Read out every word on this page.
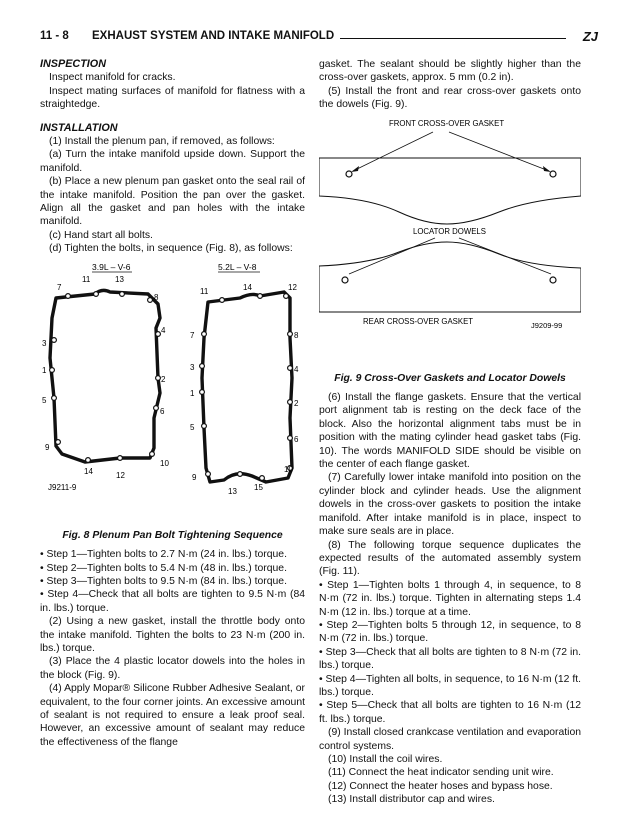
11 - 8 EXHAUST SYSTEM AND INTAKE MANIFOLD	ZJ

INSPECTION

Inspect manifold for cracks.

Inspect mating surfaces of manifold for flatness with a straightedge.

INSTALLATION

(1) Install the plenum pan, if removed, as follows:

(a) Turn the intake manifold upside down. Support the manifold.

(b) Place a new plenum pan gasket onto the seal rail of the intake manifold. Position the pan over the gasket. Align all the gasket and pan holes with the intake manifold.

(c) Hand start all bolts.

(d) Tighten the bolts, in sequence (Fig. 8), as follows:

3.9L – V-6	5.2L – V-8
7
11	13
8
4
3
1
2
5
6
9
14	12
10
11	14	12
7	8
3	4
1
2
5
6
9
13 15
10
J9211-9

Fig. 8 Plenum Pan Bolt Tightening Sequence

• Step 1—Tighten bolts to 2.7 N·m (24 in. lbs.) torque.

• Step 2—Tighten bolts to 5.4 N·m (48 in. lbs.) torque.

• Step 3—Tighten bolts to 9.5 N·m (84 in. lbs.) torque.

• Step 4—Check that all bolts are tighten to 9.5 N·m (84 in. lbs.) torque.

(2) Using a new gasket, install the throttle body onto the intake manifold. Tighten the bolts to 23 N·m (200 in. lbs.) torque.

(3) Place the 4 plastic locator dowels into the holes in the block (Fig. 9).

(4) Apply Mopar® Silicone Rubber Adhesive Sealant, or equivalent, to the four corner joints. An excessive amount of sealant is not required to ensure a leak proof seal. However, an excessive amount of sealant may reduce the effectiveness of the flange

gasket. The sealant should be slightly higher than the cross-over gaskets, approx. 5 mm (0.2 in).

(5) Install the front and rear cross-over gaskets onto the dowels (Fig. 9).

FRONT CROSS-OVER GASKET
LOCATOR DOWELS
REAR CROSS-OVER GASKET	J9209-99

Fig. 9 Cross-Over Gaskets and Locator Dowels

(6) Install the flange gaskets. Ensure that the vertical port alignment tab is resting on the deck face of the block. Also the horizontal alignment tabs must be in position with the mating cylinder head gasket tabs (Fig. 10). The words MANIFOLD SIDE should be visible on the center of each flange gasket.

(7) Carefully lower intake manifold into position on the cylinder block and cylinder heads. Use the alignment dowels in the cross-over gaskets to position the intake manifold. After intake manifold is in place, inspect to make sure seals are in place.

(8) The following torque sequence duplicates the expected results of the automated assembly system (Fig. 11).

• Step 1—Tighten bolts 1 through 4, in sequence, to 8 N·m (72 in. lbs.) torque. Tighten in alternating steps 1.4 N·m (12 in. lbs.) torque at a time.

• Step 2—Tighten bolts 5 through 12, in sequence, to 8 N·m (72 in. lbs.) torque.

• Step 3—Check that all bolts are tighten to 8 N·m (72 in. lbs.) torque.

• Step 4—Tighten all bolts, in sequence, to 16 N·m (12 ft. lbs.) torque.

• Step 5—Check that all bolts are tighten to 16 N·m (12 ft. lbs.) torque.

(9) Install closed crankcase ventilation and evaporation control systems.

(10) Install the coil wires.

(11) Connect the heat indicator sending unit wire.

(12) Connect the heater hoses and bypass hose.

(13) Install distributor cap and wires.
